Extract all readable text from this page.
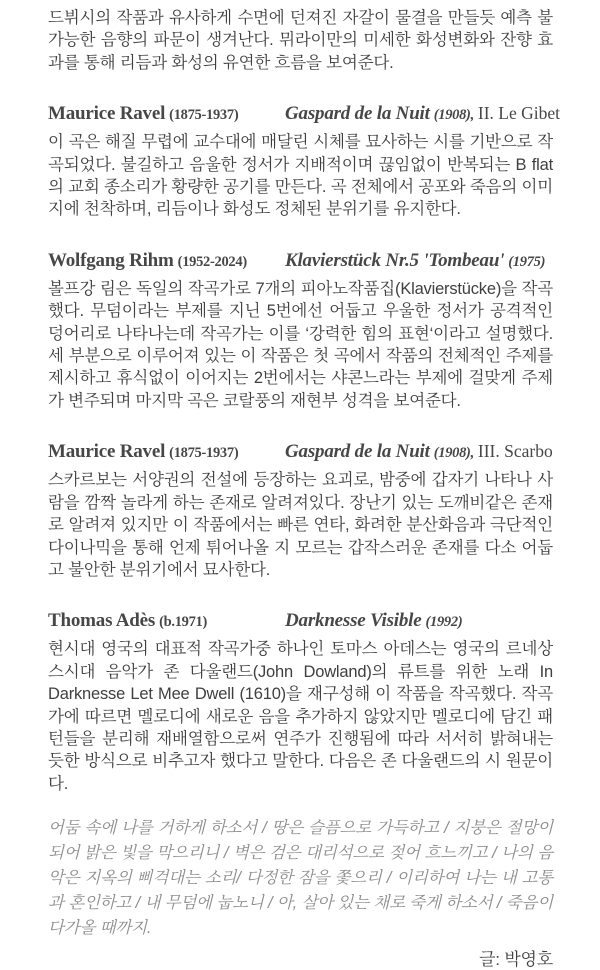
드뷔시의 작품과 유사하게 수면에 던져진 자갈이 물결을 만들듯 예측 불가능한 음향의 파문이 생겨난다. 뮈라이만의 미세한 화성변화와 잔향 효과를 통해 리듬과 화성의 유연한 흐름을 보여준다.

Maurice Ravel (1875-1937)	Gaspard de la Nuit (1908), II. Le Gibet

이 곡은 해질 무렵에 교수대에 매달린 시체를 묘사하는 시를 기반으로 작곡되었다. 불길하고 음울한 정서가 지배적이며 끊임없이 반복되는 B flat의 교회 종소리가 황량한 공기를 만든다. 곡 전체에서 공포와 죽음의 이미지에 천착하며, 리듬이나 화성도 정체된 분위기를 유지한다.

Wolfgang Rihm (1952-2024)	Klavierstück Nr.5 'Tombeau' (1975)

볼프강 림은 독일의 작곡가로 7개의 피아노작품집(Klavierstücke)을 작곡했다. 무덤이라는 부제를 지닌 5번에선 어둡고 우울한 정서가 공격적인 덩어리로 나타나는데 작곡가는 이를 ‘강력한 힘의 표현‘이라고 설명했다. 세 부분으로 이루어져 있는 이 작품은 첫 곡에서 작품의 전체적인 주제를 제시하고 휴식없이 이어지는 2번에서는 샤콘느라는 부제에 걸맞게 주제가 변주되며 마지막 곡은 코랄풍의 재현부 성격을 보여준다.

Maurice Ravel (1875-1937)	Gaspard de la Nuit (1908), III. Scarbo

스카르보는 서양권의 전설에 등장하는 요괴로, 밤중에 갑자기 나타나 사람을 깜짝 놀라게 하는 존재로 알려져있다. 장난기 있는 도깨비같은 존재로 알려져 있지만 이 작품에서는 빠른 연타, 화려한 분산화음과 극단적인 다이나믹을 통해 언제 튀어나올 지 모르는 갑작스러운 존재를 다소 어둡고 불안한 분위기에서 묘사한다.

Thomas Adès (b.1971)	Darknesse Visible (1992)

현시대 영국의 대표적 작곡가중 하나인 토마스 아데스는 영국의 르네상스시대 음악가 존 다울랜드(John Dowland)의 류트를 위한 노래 In Darknesse Let Mee Dwell (1610)을 재구성해 이 작품을 작곡했다. 작곡가에 따르면 멜로디에 새로운 음을 추가하지 않았지만 멜로디에 담긴 패턴들을 분리해 재배열함으로써 연주가 진행됨에 따라 서서히 밝혀내는 듯한 방식으로 비추고자 했다고 말한다. 다음은 존 다울랜드의 시 원문이다.

어둠 속에 나를 거하게 하소서 / 땅은 슬픔으로 가득하고 / 지붕은 절망이 되어 밝은 빛을 막으리니 / 벽은 검은 대리석으로 젖어 흐느끼고 / 나의 음악은 지옥의 삐걱대는 소리/ 다정한 잠을 쫓으리 / 이리하여 나는 내 고통과 혼인하고 / 내 무덤에 눕노니 / 아, 살아 있는 채로 죽게 하소서 / 죽음이 다가올 때까지.

글: 박영호
